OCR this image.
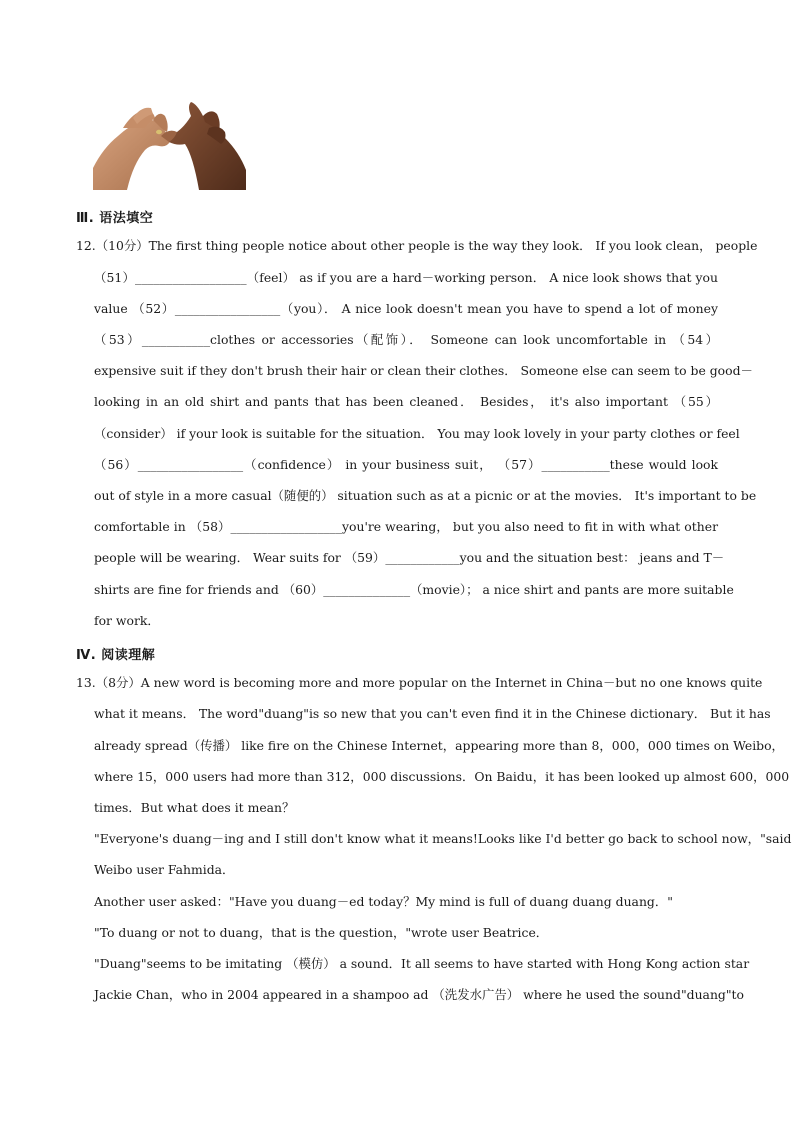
Ⅲ. 语法填空
12.（10分）The first thing people notice about other people is the way they look． If you look clean， people
（51）__________________（feel） as if you are a hard－working person． A nice look shows that you
value （52）_________________（you）． A nice look doesn't mean you have to spend a lot of money
（53）___________clothes or accessories（配饰）． Someone can look uncomfortable in （54）
expensive suit if they don't brush their hair or clean their clothes． Someone else can seem to be good－
looking in an old shirt and pants that has been cleaned． Besides， it's also important （55）
（consider） if your look is suitable for the situation． You may look lovely in your party clothes or feel
（56）_________________（confidence） in your business suit， （57）___________these would look
out of style in a more casual（随便的） situation such as at a picnic or at the movies． It's important to be
comfortable in （58）__________________you're wearing， but you also need to fit in with what other
people will be wearing． Wear suits for （59）____________you and the situation best： jeans and T－
shirts are fine for friends and （60）______________（movie）； a nice shirt and pants are more suitable
for work．
Ⅳ. 阅读理解
13.（8分）A new word is becoming more and more popular on the Internet in China－but no one knows quite
what it means． The word"duang"is so new that you can't even find it in the Chinese dictionary． But it has
already spread（传播） like fire on the Chinese Internet，appearing more than 8，000，000 times on Weibo，
where 15，000 users had more than 312，000 discussions．On Baidu，it has been looked up almost 600，000
times．But what does it mean？
"Everyone's duang－ing and I still don't know what it means!Looks like I'd better go back to school now，"said
Weibo user Fahmida．
Another user asked："Have you duang－ed today？My mind is full of duang duang duang．"
"To duang or not to duang，that is the question，"wrote user Beatrice．
"Duang"seems to be imitating （模仿） a sound．It all seems to have started with Hong Kong action star
Jackie Chan，who in 2004 appeared in a shampoo ad （洗发水广告） where he used the sound"duang"to
